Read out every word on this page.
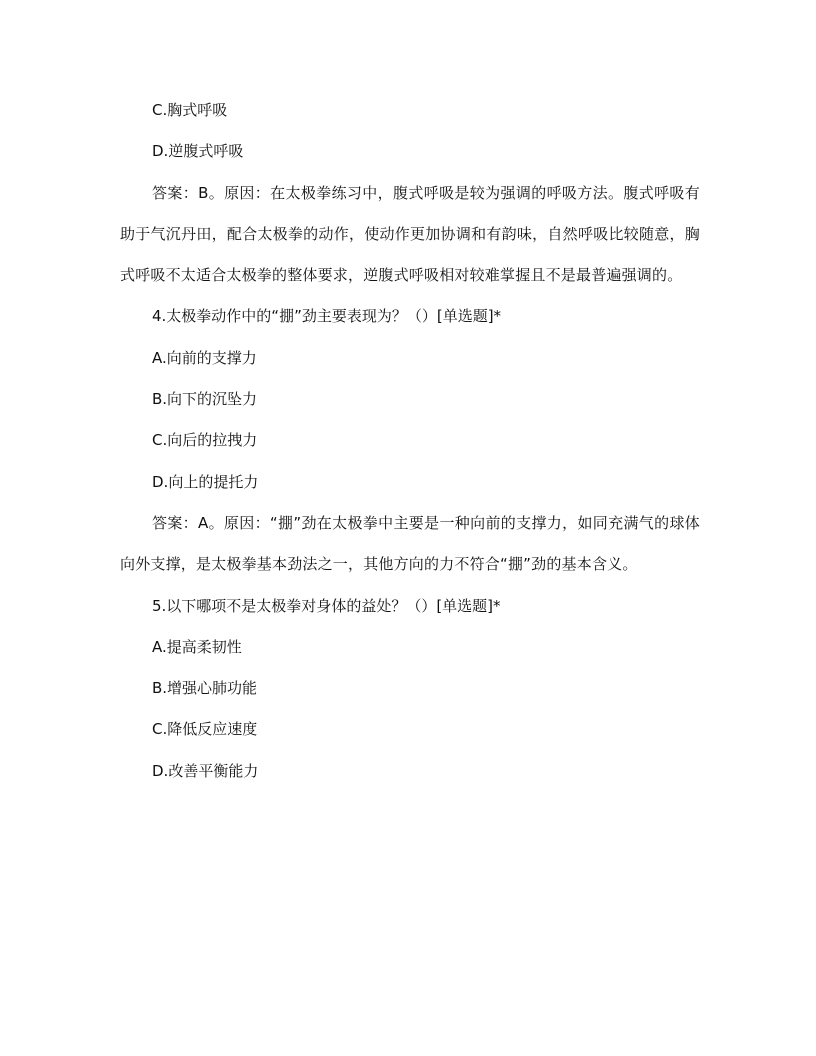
C.胸式呼吸
D.逆腹式呼吸
答案：B。原因：在太极拳练习中，腹式呼吸是较为强调的呼吸方法。腹式呼吸有助于气沉丹田，配合太极拳的动作，使动作更加协调和有韵味，自然呼吸比较随意，胸式呼吸不太适合太极拳的整体要求，逆腹式呼吸相对较难掌握且不是最普遍强调的。
4.太极拳动作中的“掤”劲主要表现为？（）[单选题]*
A.向前的支撑力
B.向下的沉坠力
C.向后的拉拽力
D.向上的提托力
答案：A。原因：“掤”劲在太极拳中主要是一种向前的支撑力，如同充满气的球体向外支撑，是太极拳基本劲法之一，其他方向的力不符合“掤”劲的基本含义。
5.以下哪项不是太极拳对身体的益处？（）[单选题]*
A.提高柔韧性
B.增强心肺功能
C.降低反应速度
D.改善平衡能力
